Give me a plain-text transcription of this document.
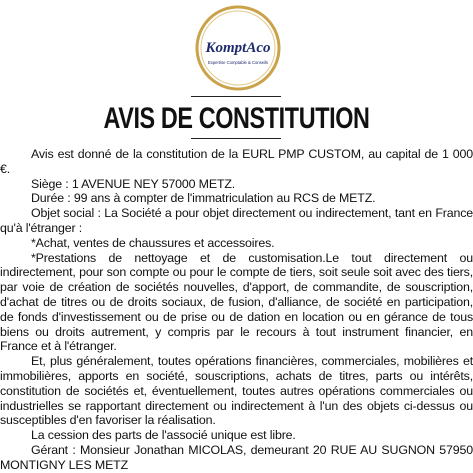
KomptAco
Expertise Comptable & Conseils
AVIS DE CONSTITUTION

Avis est donné de la constitution de la EURL PMP CUSTOM, au capital de 1 000 €.

Siège : 1 AVENUE NEY 57000 METZ.

Durée : 99 ans à compter de l'immatriculation au RCS de METZ.

Objet social : La Société a pour objet directement ou indirectement, tant en France qu'à l'étranger :

*Achat, ventes de chaussures et accessoires.

*Prestations de nettoyage et de customisation.Le tout directement ou indirectement, pour son compte ou pour le compte de tiers, soit seule soit avec des tiers, par voie de création de sociétés nouvelles, d'apport, de commandite, de souscription, d'achat de titres ou de droits sociaux, de fusion, d'alliance, de société en participation, de fonds d'investissement ou de prise ou de dation en location ou en gérance de tous biens ou droits autrement, y compris par le recours à tout instrument financier, en France et à l'étranger.

Et, plus généralement, toutes opérations financières, commerciales, mobilières et immobilières, apports en société, souscriptions, achats de titres, parts ou intérêts, constitution de sociétés et, éventuellement, toutes autres opérations commerciales ou industrielles se rapportant directement ou indirectement à l'un des objets ci-dessus ou susceptibles d'en favoriser la réalisation.

La cession des parts de l'associé unique est libre.

Gérant : Monsieur Jonathan MICOLAS, demeurant 20 RUE AU SUGNON 57950 MONTIGNY LES METZ
